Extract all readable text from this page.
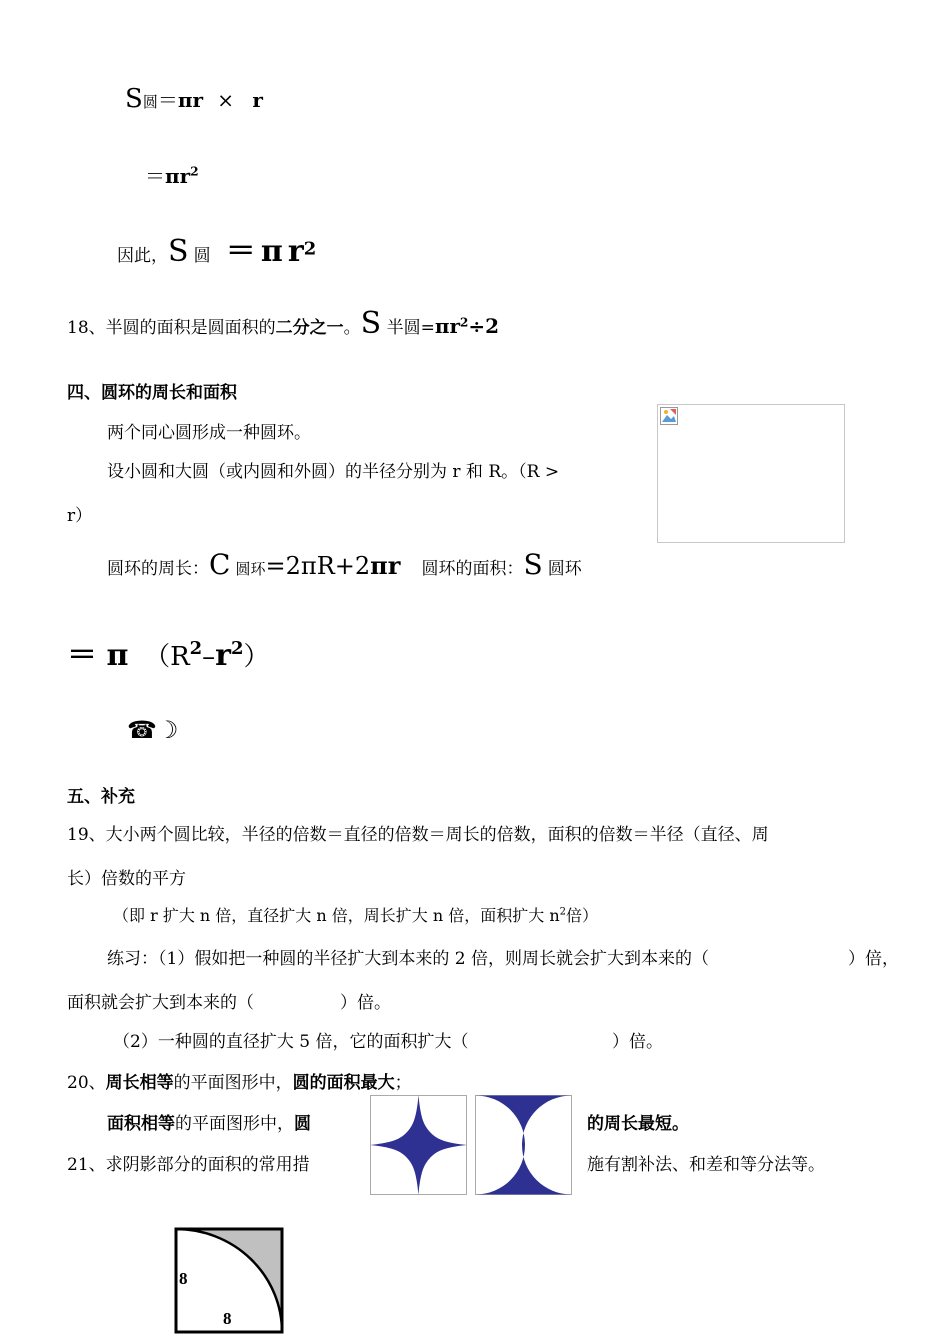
S圆＝πr × r
$=\pi r^2$
因此，S 圆 ＝ π $r^2$
18、半圆的面积是圆面积的二分之一。S 半圆$=\pi r^2\div 2$
四、圆环的周长和面积
两个同心圆形成一种圆环。
设小圆和大圆（或内圆和外圆）的半径分别为 r 和 R。（R >
r）
圆环的周长：C 圆环=2πR+2πr 圆环的面积：S 圆环
＝ π $(R^2-r^2)$
☎☽
五、补充
19、大小两个圆比较，半径的倍数＝直径的倍数＝周长的倍数，面积的倍数＝半径（直径、周
长）倍数的平方
（即 r 扩大 n 倍，直径扩大 n 倍，周长扩大 n 倍，面积扩大 $n^2$倍）
练习：（1）假如把一种圆的半径扩大到本来的 2 倍，则周长就会扩大到本来的（	）倍，
面积就会扩大到本来的（	）倍。
（2）一种圆的直径扩大 5 倍，它的面积扩大（	）倍。
20、周长相等的平面图形中，圆的面积最大；
面积相等的平面图形中，圆	的周长最短。
21、求阴影部分的面积的常用措	施有割补法、和差和等分法等。
8
8
